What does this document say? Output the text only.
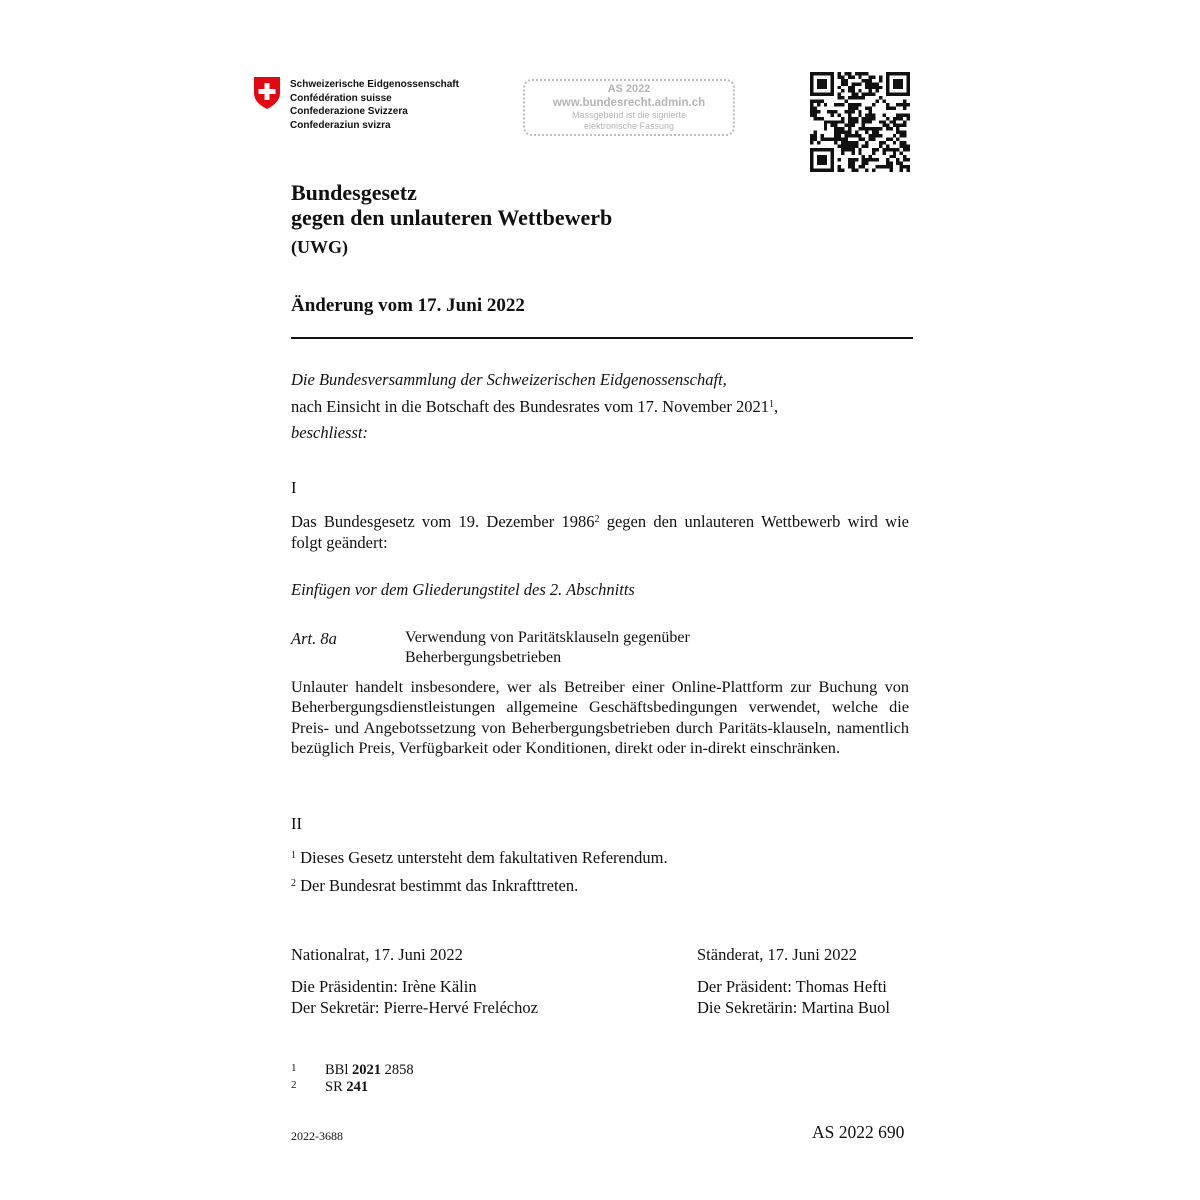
Schweizerische Eidgenossenschaft
Confédération suisse
Confederazione Svizzera
Confederaziun svizra
AS 2022
www.bundesrecht.admin.ch
Massgebend ist die signierte
elektronische Fassung
Bundesgesetz
gegen den unlauteren Wettbewerb
(UWG)
Änderung vom 17. Juni 2022
Die Bundesversammlung der Schweizerischen Eidgenossenschaft,
nach Einsicht in die Botschaft des Bundesrates vom 17. November 2021$^1$,
beschliesst:
I
Das Bundesgesetz vom 19. Dezember 1986$^2$ gegen den unlauteren Wettbewerb wird wie folgt geändert:
Einfügen vor dem Gliederungstitel des 2. Abschnitts
Art. 8a	Verwendung von Paritätsklauseln gegenüber
Beherbergungsbetrieben
Unlauter handelt insbesondere, wer als Betreiber einer Online-Plattform zur Buchung von Beherbergungsdienstleistungen allgemeine Geschäftsbedingungen verwendet, welche die Preis- und Angebotssetzung von Beherbergungsbetrieben durch Paritäts-klauseln, namentlich bezüglich Preis, Verfügbarkeit oder Konditionen, direkt oder in-direkt einschränken.
II
$^1$ Dieses Gesetz untersteht dem fakultativen Referendum.
$^2$ Der Bundesrat bestimmt das Inkrafttreten.
Nationalrat, 17. Juni 2022
Die Präsidentin: Irène Kälin
Der Sekretär: Pierre-Hervé Freléchoz
Ständerat, 17. Juni 2022
Der Präsident: Thomas Hefti
Die Sekretärin: Martina Buol
1	BBl 2021 2858
2	SR 241
2022-3688	AS 2022 690
